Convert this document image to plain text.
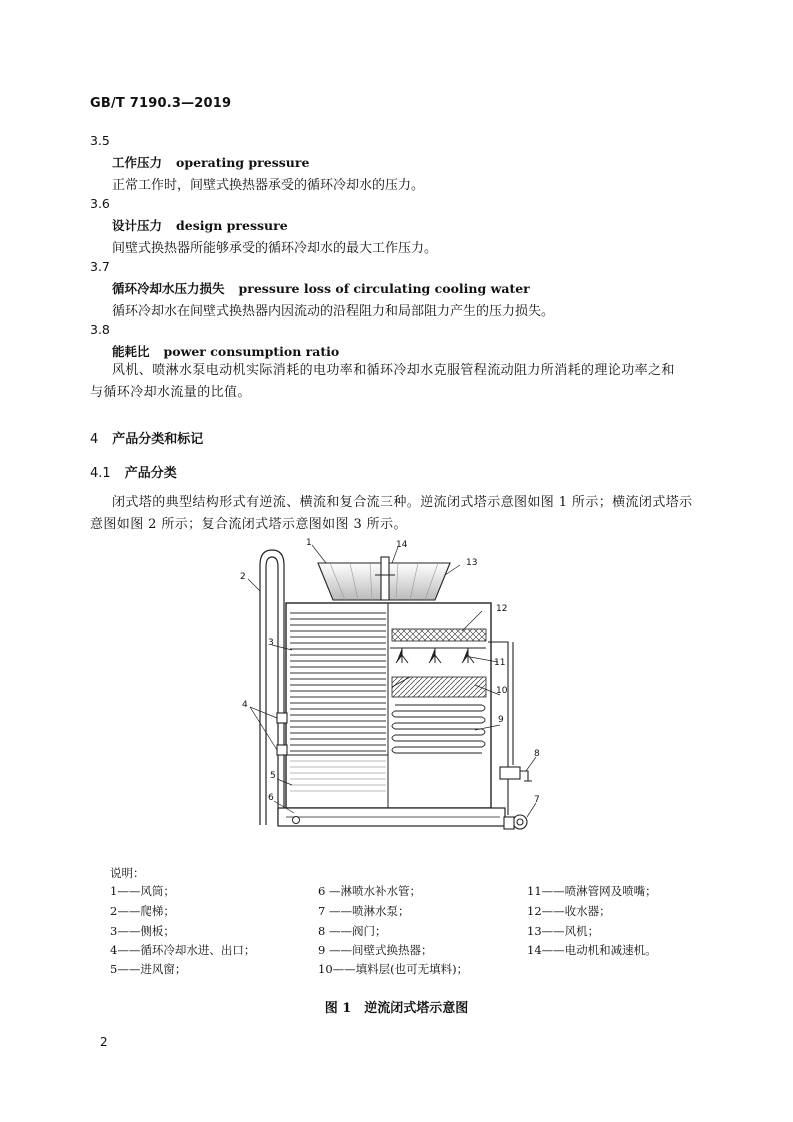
GB/T 7190.3—2019
3.5
工作压力 operating pressure
正常工作时，间壁式换热器承受的循环冷却水的压力。
3.6
设计压力 design pressure
间壁式换热器所能够承受的循环冷却水的最大工作压力。
3.7
循环冷却水压力损失 pressure loss of circulating cooling water
循环冷却水在间壁式换热器内因流动的沿程阻力和局部阻力产生的压力损失。
3.8
能耗比 power consumption ratio
风机、喷淋水泵电动机实际消耗的电功率和循环冷却水克服管程流动阻力所消耗的理论功率之和与循环冷却水流量的比值。
4 产品分类和标记
4.1 产品分类
闭式塔的典型结构形式有逆流、横流和复合流三种。逆流闭式塔示意图如图 1 所示；横流闭式塔示意图如图 2 所示；复合流闭式塔示意图如图 3 所示。
1
2
3
4
5
6	7
8
9
10
11
12
13
14
说明：
1——风筒；	6 —淋喷水补水管；	11——喷淋管网及喷嘴；
2——爬梯；	7 ——喷淋水泵；	12——收水器；
3——侧板；	8 ——阀门；	13——风机；
4——循环冷却水进、出口；	9 ——间壁式换热器；	14——电动机和减速机。
5——进风窗；	10——填料层(也可无填料)；
图 1　逆流闭式塔示意图
2
